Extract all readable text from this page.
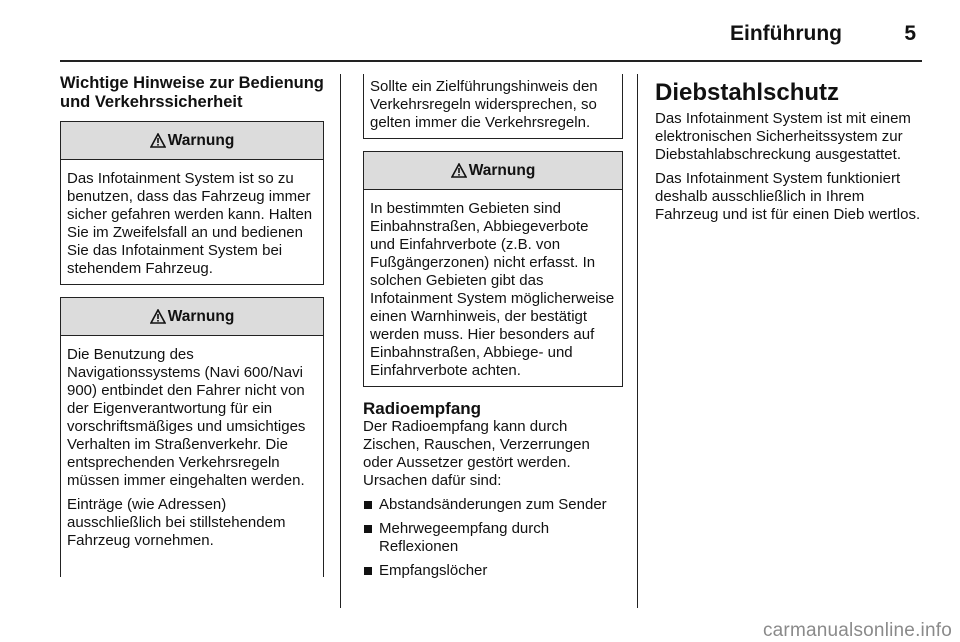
Einführung	5
Wichtige Hinweise zur Bedienung und Verkehrssicherheit
Warnung

Das Infotainment System ist so zu benutzen, dass das Fahrzeug immer sicher gefahren werden kann. Halten Sie im Zweifelsfall an und bedienen Sie das Infotainment System bei stehendem Fahrzeug.

Warnung

Die Benutzung des Navigationssystems (Navi 600/Navi 900) entbindet den Fahrer nicht von der Eigenverantwortung für ein vorschriftsmäßiges und umsichtiges Verhalten im Straßenverkehr. Die entsprechenden Verkehrsregeln müssen immer eingehalten werden.

Einträge (wie Adressen) ausschließlich bei stillstehendem Fahrzeug vornehmen.

Sollte ein Zielführungshinweis den Verkehrsregeln widersprechen, so gelten immer die Verkehrsregeln.

Warnung

In bestimmten Gebieten sind Einbahnstraßen, Abbiegeverbote und Einfahrverbote (z.B. von Fußgängerzonen) nicht erfasst. In solchen Gebieten gibt das Infotainment System möglicherweise einen Warnhinweis, der bestätigt werden muss. Hier besonders auf Einbahnstraßen, Abbiege- und Einfahrverbote achten.

Radioempfang

Der Radioempfang kann durch Zischen, Rauschen, Verzerrungen oder Aussetzer gestört werden. Ursachen dafür sind:

Abstandsänderungen zum Sender
Mehrwegeempfang durch Reflexionen
Empfangslöcher
Diebstahlschutz

Das Infotainment System ist mit einem elektronischen Sicherheitssystem zur Diebstahlabschreckung ausgestattet.

Das Infotainment System funktioniert deshalb ausschließlich in Ihrem Fahrzeug und ist für einen Dieb wertlos.

carmanualsonline.info
